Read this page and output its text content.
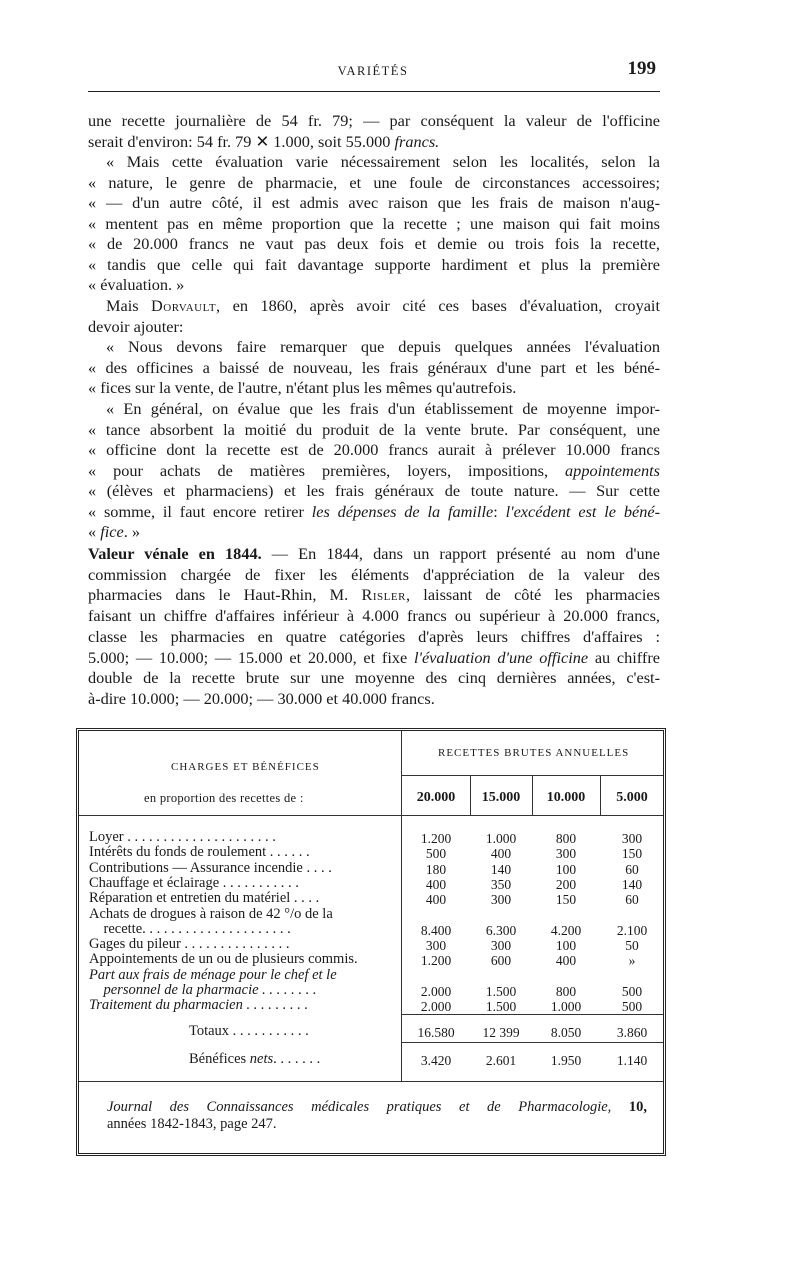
VARIÉTÉS	199
une recette journalière de 54 fr. 79; — par conséquent la valeur de l'officine
serait d'environ: 54 fr. 79 ✕ 1.000, soit 55.000 francs.
« Mais cette évaluation varie nécessairement selon les localités, selon la
« nature, le genre de pharmacie, et une foule de circonstances accessoires;
« — d'un autre côté, il est admis avec raison que les frais de maison n'aug-
« mentent pas en même proportion que la recette ; une maison qui fait moins
« de 20.000 francs ne vaut pas deux fois et demie ou trois fois la recette,
« tandis que celle qui fait davantage supporte hardiment et plus la première
« évaluation. »
Mais Dorvault, en 1860, après avoir cité ces bases d'évaluation, croyait
devoir ajouter:
« Nous devons faire remarquer que depuis quelques années l'évaluation
« des officines a baissé de nouveau, les frais généraux d'une part et les béné-
« fices sur la vente, de l'autre, n'étant plus les mêmes qu'autrefois.
« En général, on évalue que les frais d'un établissement de moyenne impor-
« tance absorbent la moitié du produit de la vente brute. Par conséquent, une
« officine dont la recette est de 20.000 francs aurait à prélever 10.000 francs
« pour achats de matières premières, loyers, impositions, appointements
« (élèves et pharmaciens) et les frais généraux de toute nature. — Sur cette
« somme, il faut encore retirer les dépenses de la famille: l'excédent est le béné-
« fice. »
Valeur vénale en 1844. — En 1844, dans un rapport présenté au nom d'une
commission chargée de fixer les éléments d'appréciation de la valeur des
pharmacies dans le Haut-Rhin, M. Risler, laissant de côté les pharmacies
faisant un chiffre d'affaires inférieur à 4.000 francs ou supérieur à 20.000 francs,
classe les pharmacies en quatre catégories d'après leurs chiffres d'affaires :
5.000; — 10.000; — 15.000 et 20.000, et fixe l'évaluation d'une officine au chiffre
double de la recette brute sur une moyenne des cinq dernières années, c'est-
à-dire 10.000; — 20.000; — 30.000 et 40.000 francs.
CHARGES ET BÉNÉFICES
en proportion des recettes de :
RECETTES BRUTES ANNUELLES
20.000	15.000	10.000	5.000
Loyer . . . . . . . . . . . . . . . . . . . . .	1.200	1.000	800	300
Intérêts du fonds de roulement . . . . . .	500	400	300	150
Contributions — Assurance incendie . . . .	180	140	100	60
Chauffage et éclairage . . . . . . . . . . .	400	350	200	140
Réparation et entretien du matériel . . . .	400	300	150	60
Achats de drogues à raison de 42 °/o de la
recette. . . . . . . . . . . . . . . . . . . . .	8.400	6.300	4.200	2.100
Gages du pileur . . . . . . . . . . . . . . .	300	300	100	50
Appointements de un ou de plusieurs commis.	1.200	600	400	»
Part aux frais de ménage pour le chef et le
personnel de la pharmacie . . . . . . . .	2.000	1.500	800	500
Traitement du pharmacien . . . . . . . . .	2.000	1.500	1.000	500
Totaux . . . . . . . . . . .	16.580	12 399	8.050	3.860
Bénéfices nets. . . . . . .	3.420	2.601	1.950	1.140
Journal des Connaissances médicales pratiques et de Pharmacologie, 10,
années 1842-1843, page 247.
